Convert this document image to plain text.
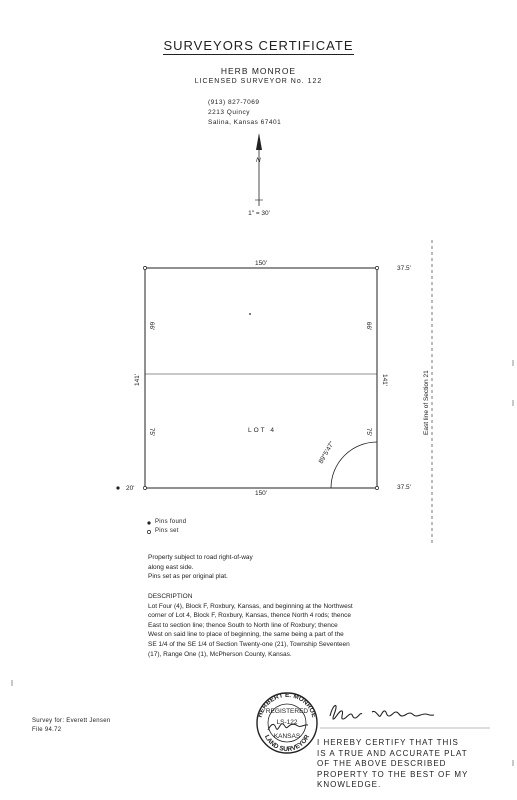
SURVEYORS CERTIFICATE
HERB MONROE
LICENSED SURVEYOR No. 122
(913) 827-7069
2213 Quincy
Salina, Kansas 67401
N
1" = 30'
East line of Section 21
150'
150'
37.5'
37.5'
20'
66'	66'
75'	75'
141'	141'
LOT 4
89°5'47"
HERBERT E. MONROE
LAND SURVEYOR
REGISTERED
LS-122
KANSAS
Pins found
Pins set
Property subject to road right-of-way
along east side.
Pins set as per original plat.
DESCRIPTION
Lot Four (4), Block F, Roxbury, Kansas, and beginning at the Northwest
corner of Lot 4, Block F, Roxbury, Kansas, thence North 4 rods; thence
East to section line; thence South to North line of Roxbury; thence
West on said line to place of beginning, the same being a part of the
SE 1/4 of the SE 1/4 of Section Twenty-one (21), Township Seventeen
(17), Range One (1), McPherson County, Kansas.
Survey for: Everett Jensen
File 94.72
I HEREBY CERTIFY THAT THIS
IS A TRUE AND ACCURATE PLAT
OF THE ABOVE DESCRIBED
PROPERTY TO THE BEST OF MY
KNOWLEDGE.
